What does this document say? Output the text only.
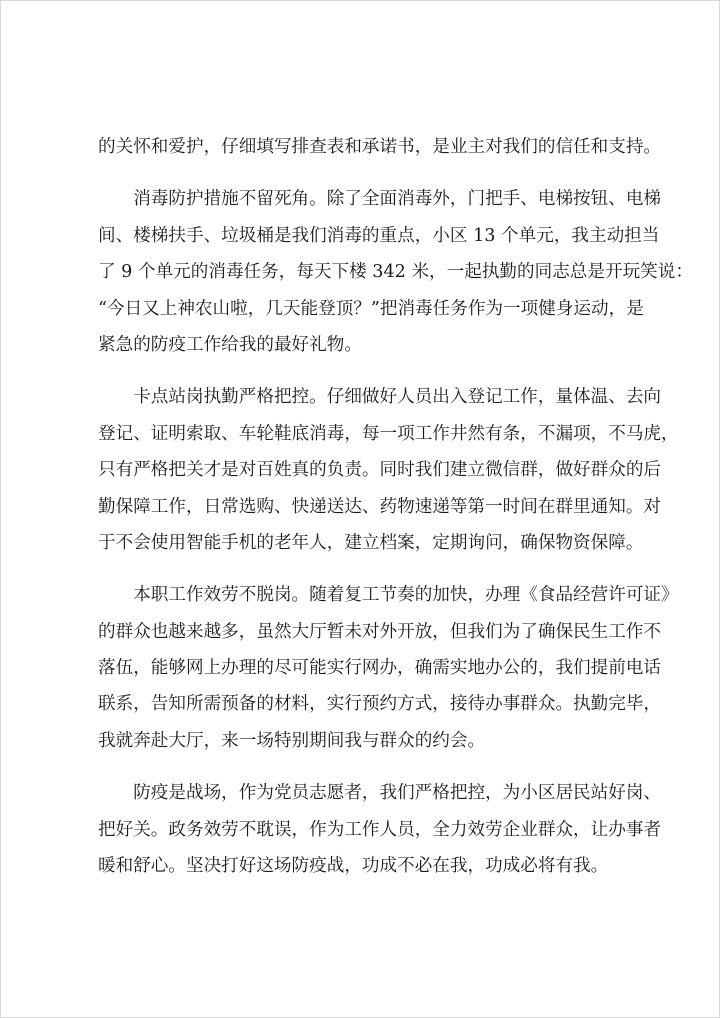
的关怀和爱护，仔细填写排查表和承诺书，是业主对我们的信任和支持。
　　消毒防护措施不留死角。除了全面消毒外，门把手、电梯按钮、电梯
间、楼梯扶手、垃圾桶是我们消毒的重点，小区 13 个单元，我主动担当
了 9 个单元的消毒任务，每天下楼 342 米，一起执勤的同志总是开玩笑说：
“今日又上神农山啦，几天能登顶？”把消毒任务作为一项健身运动，是
紧急的防疫工作给我的最好礼物。
　　卡点站岗执勤严格把控。仔细做好人员出入登记工作，量体温、去向
登记、证明索取、车轮鞋底消毒，每一项工作井然有条，不漏项，不马虎，
只有严格把关才是对百姓真的负责。同时我们建立微信群，做好群众的后
勤保障工作，日常选购、快递送达、药物速递等第一时间在群里通知。对
于不会使用智能手机的老年人，建立档案，定期询问，确保物资保障。
　　本职工作效劳不脱岗。随着复工节奏的加快，办理《食品经营许可证》
的群众也越来越多，虽然大厅暂未对外开放，但我们为了确保民生工作不
落伍，能够网上办理的尽可能实行网办，确需实地办公的，我们提前电话
联系，告知所需预备的材料，实行预约方式，接待办事群众。执勤完毕，
我就奔赴大厅，来一场特别期间我与群众的约会。
　　防疫是战场，作为党员志愿者，我们严格把控，为小区居民站好岗、
把好关。政务效劳不耽误，作为工作人员，全力效劳企业群众，让办事者
暖和舒心。坚决打好这场防疫战，功成不必在我，功成必将有我。
